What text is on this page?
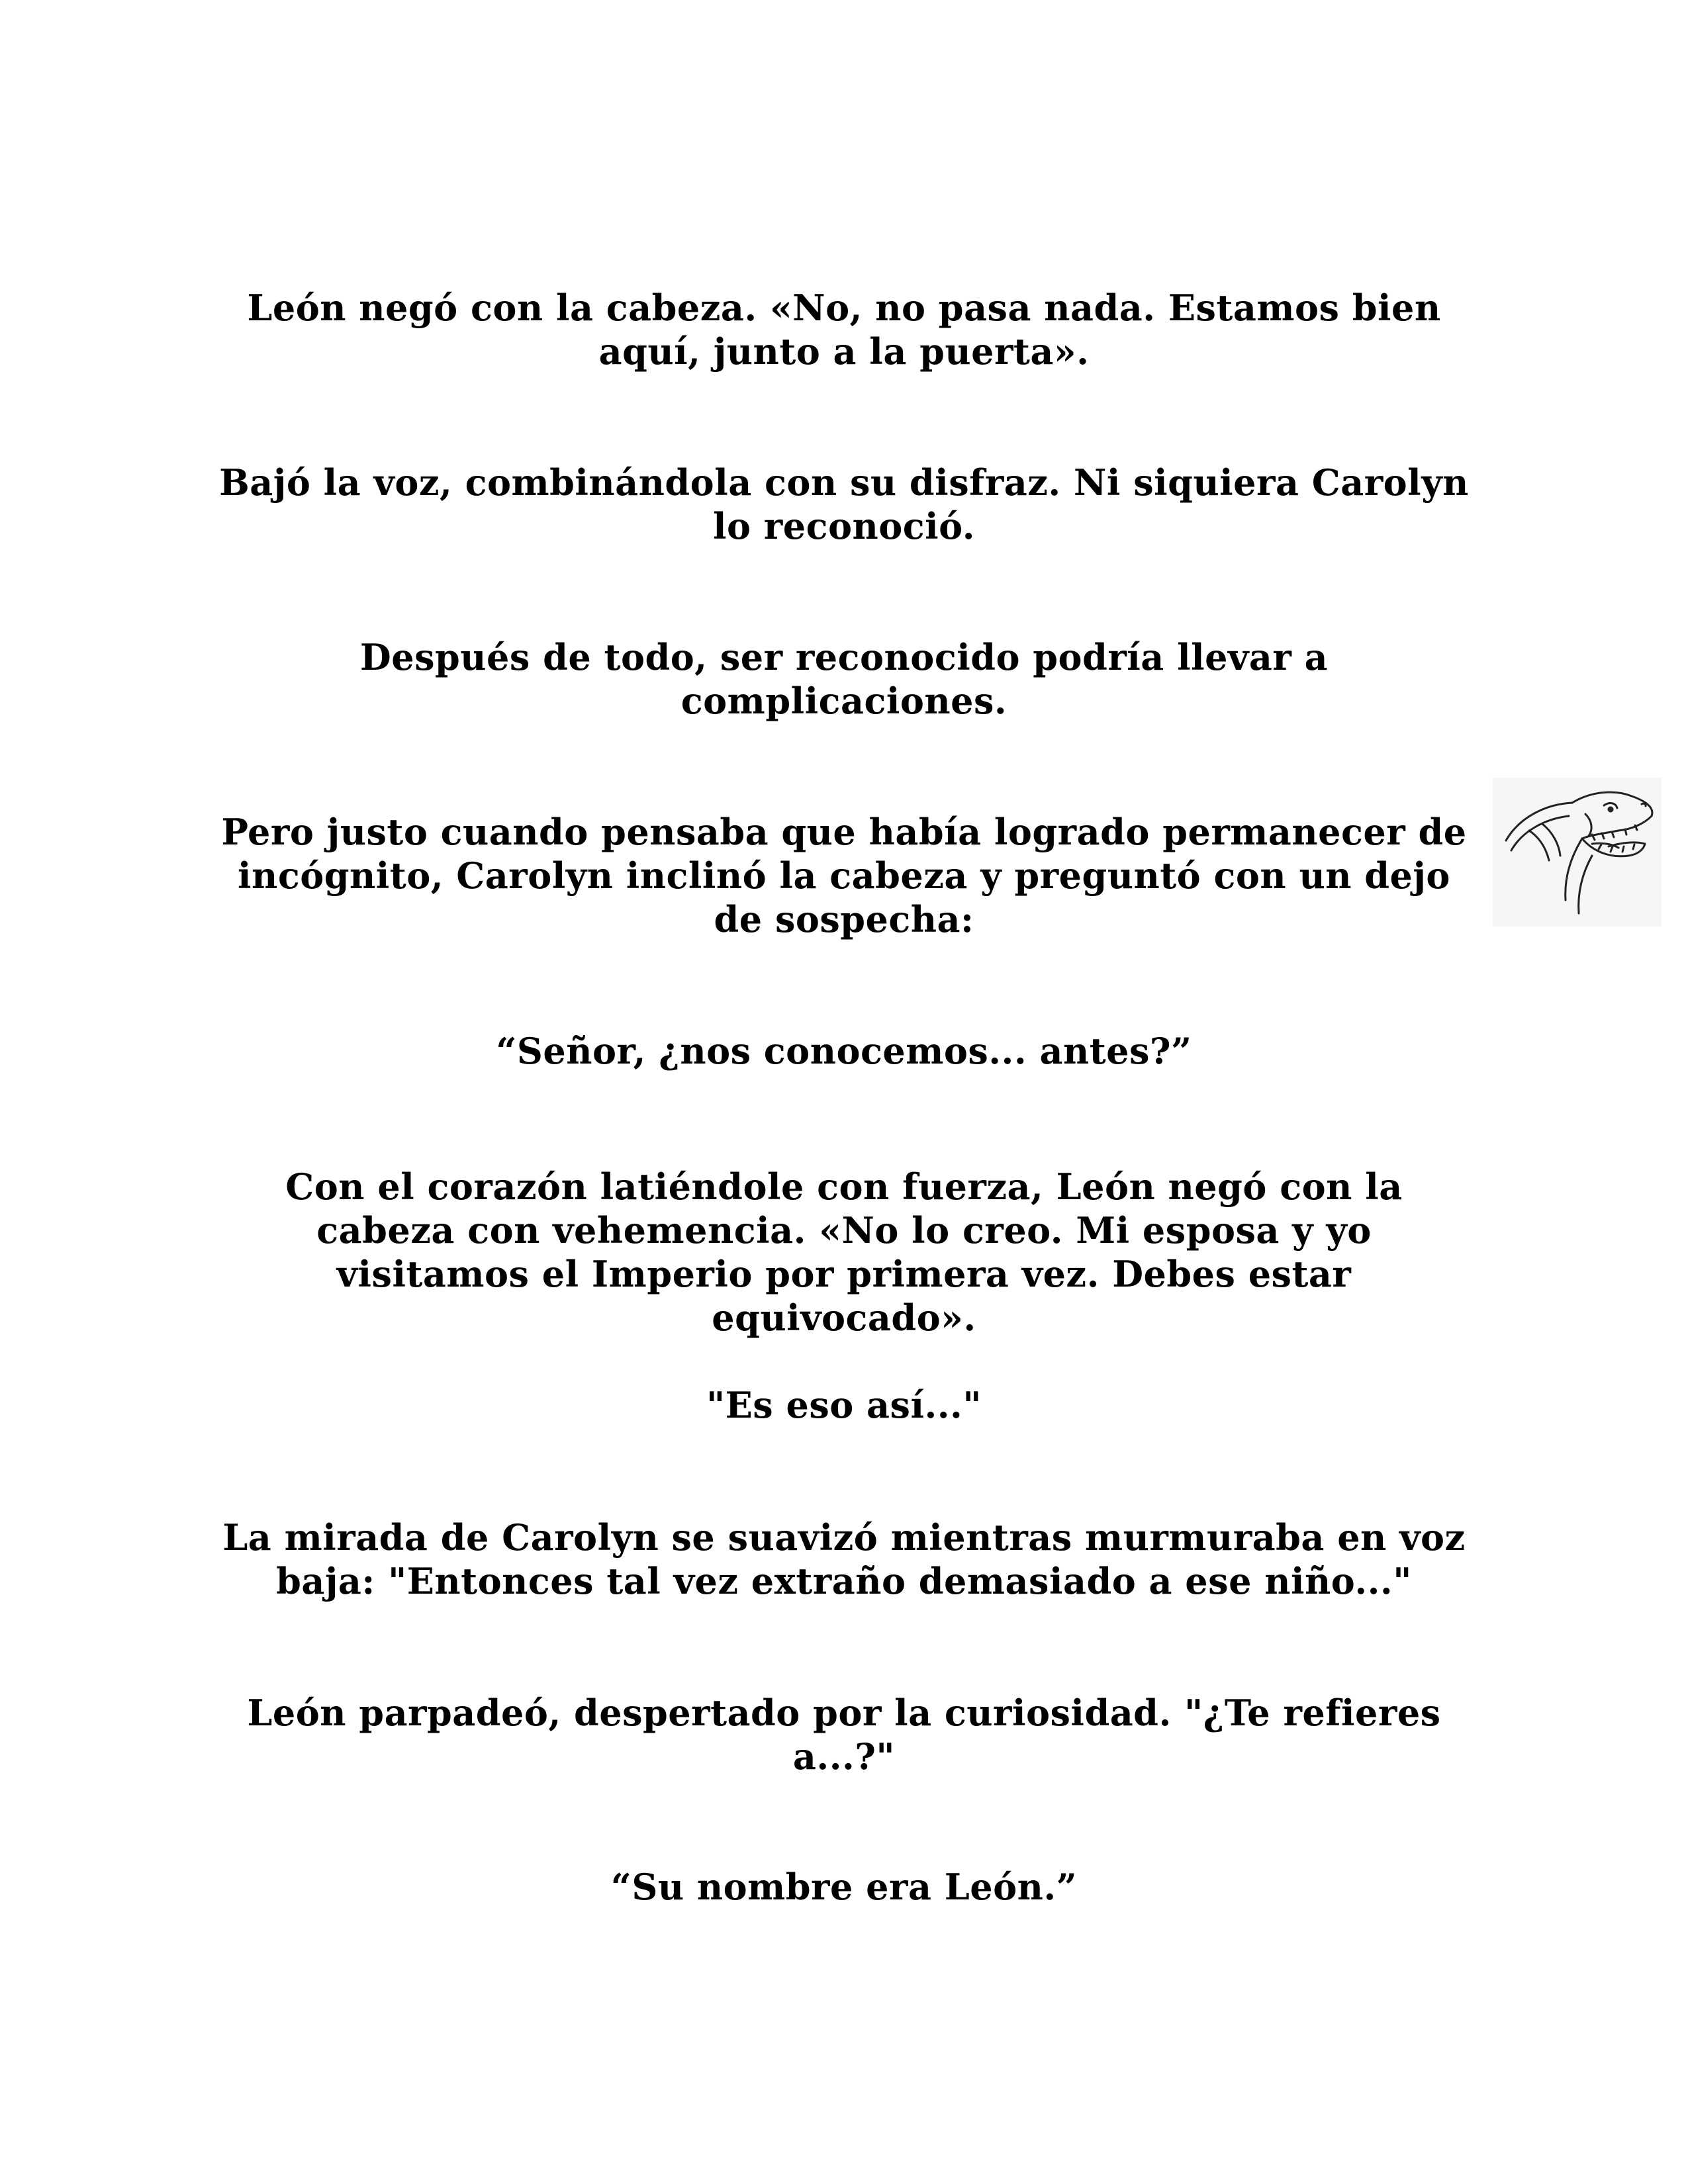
León negó con la cabeza. «No, no pasa nada. Estamos bien aquí, junto a la puerta».

Bajó la voz, combinándola con su disfraz. Ni siquiera Carolyn lo reconoció.

Después de todo, ser reconocido podría llevar a complicaciones.

Pero justo cuando pensaba que había logrado permanecer de incógnito, Carolyn inclinó la cabeza y preguntó con un dejo de sospecha:

“Señor, ¿nos conocemos... antes?”

Con el corazón latiéndole con fuerza, León negó con la cabeza con vehemencia. «No lo creo. Mi esposa y yo visitamos el Imperio por primera vez. Debes estar equivocado».

"Es eso así..."

La mirada de Carolyn se suavizó mientras murmuraba en voz baja: "Entonces tal vez extraño demasiado a ese niño..."

León parpadeó, despertado por la curiosidad. "¿Te refieres a...?"

“Su nombre era León.”
